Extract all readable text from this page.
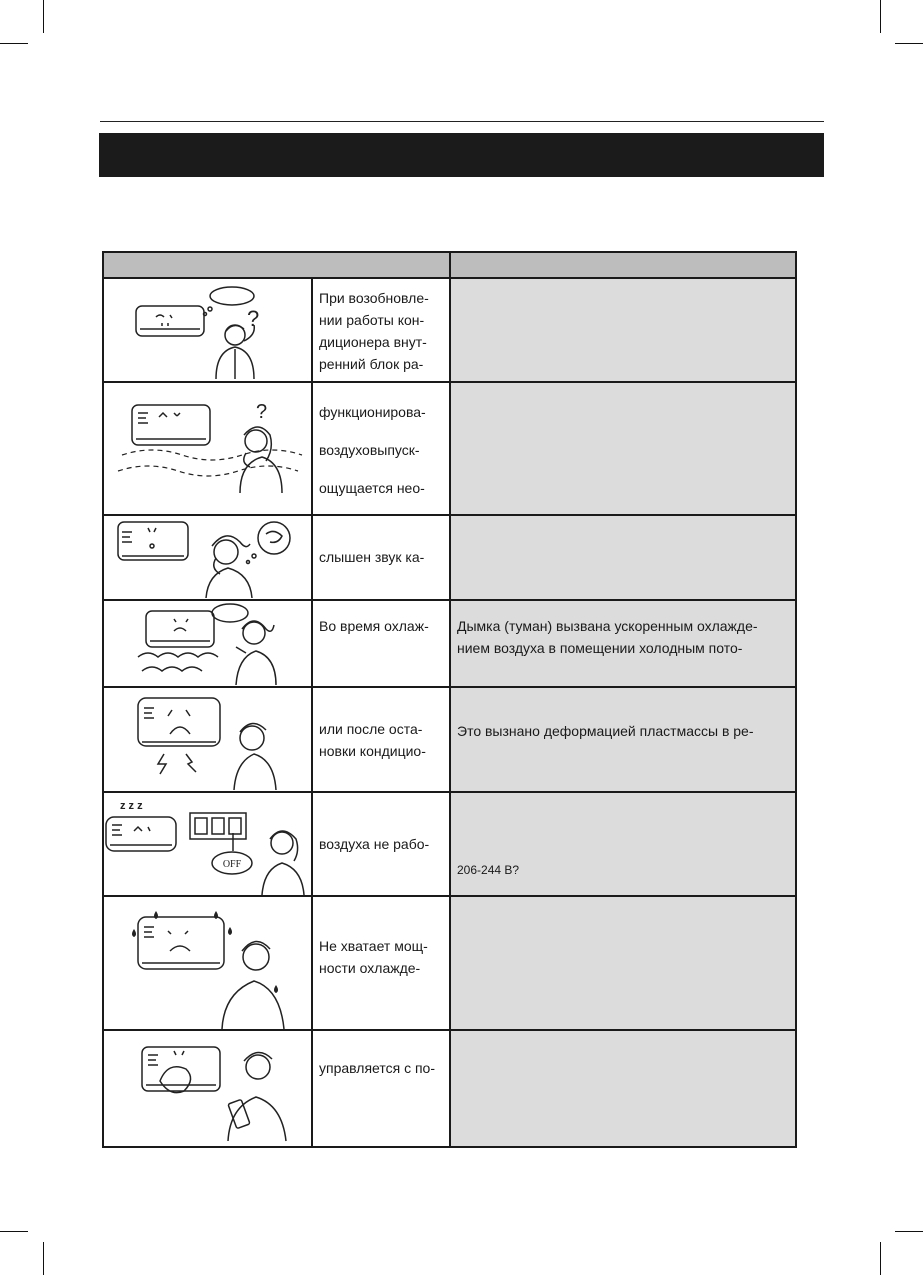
?
При возобновле-
нии работы кон-
диционера внут-
ренний блок ра-
?	функционирова-
воздуховыпуск-
ощущается нео-
слышен звук ка-
Во время охлаж- Дымка (туман) вызвана ускоренным охлажде-
нием воздуха в помещении холодным пото-
или после оста-
новки кондицио-
Это вызнано деформацией пластмассы в ре-
z z z
OFF
воздуха не рабо-
206-244 В?
Не хватает мощ-
ности охлажде-
управляется с по-
